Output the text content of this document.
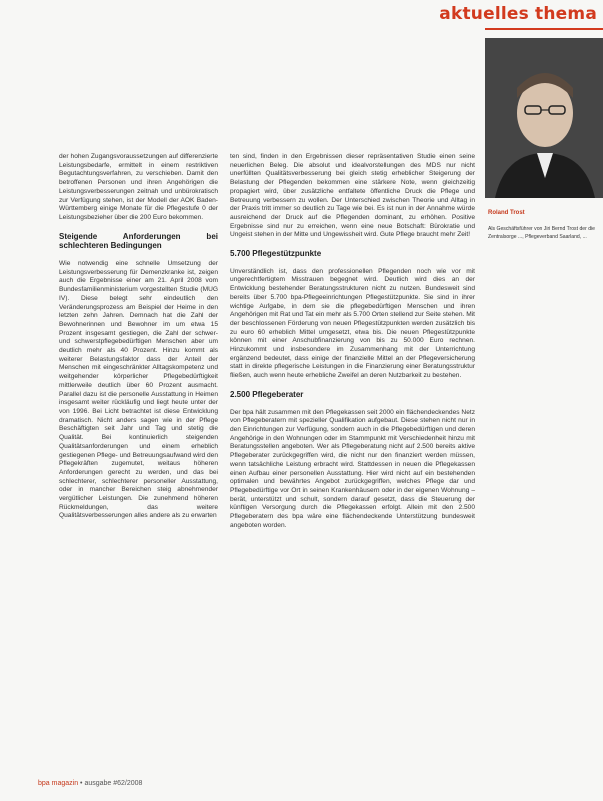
aktuelles thema
Roland Trost
Als Geschäftsführer von Jiri Bernd Trost der die Zentralsorge ..., Pflegeverband Saarland, ...

der hohen Zugangsvoraussetzungen auf differenzierte Leistungsbedarfe, ermittelt in einem restriktiven Begutachtungsverfahren, zu verschieben. Damit den betroffenen Personen und ihren Angehörigen die Leistungsverbesserungen zeitnah und unbürokratisch zur Verfügung stehen, ist der Modell der AOK Baden-Württemberg einige Monate für die Pflegestufe 0 der Leistungsbezieher über die 200 Euro bekommen.

Steigende Anforderungen bei schlechteren Bedingungen

Wie notwendig eine schnelle Umsetzung der Leistungsverbesserung für Demenzkranke ist, zeigen auch die Ergebnisse einer am 21. April 2008 vom Bundesfamilienministerium vorgestellten Studie (MUG IV). Diese belegt sehr eindeutlich den Veränderungsprozess am Beispiel der Heime in den letzten zehn Jahren. Demnach hat die Zahl der Bewohnerinnen und Bewohner im um etwa 15 Prozent insgesamt gestiegen, die Zahl der schwer- und schwerstpflegebedürftigen Menschen aber um deutlich mehr als 40 Prozent. Hinzu kommt als weiterer Belastungsfaktor dass der Anteil der Menschen mit eingeschränkter Alltagskompetenz und weitgehender körperlicher Pflegebedürftigkeit mittlerweile deutlich über 60 Prozent ausmacht. Parallel dazu ist die personelle Ausstattung in Heimen insgesamt weiter rückläufig und liegt heute unter der von 1996. Bei Licht betrachtet ist diese Entwicklung dramatisch. Nicht anders sagen wie in der Pflege Beschäftigten seit Jahr und Tag und stetig die Qualität. Bei kontinuierlich steigenden Qualitätsanforderungen und einem erheblich gestiegenen Pflege- und Betreuungsaufwand wird den Pflegekräften zugemutet, weitaus höheren Anforderungen gerecht zu werden, und das bei schlechterer, schlechterer personeller Ausstattung, oder in mancher Bereichen steig abnehmender vergütlicher Leistungen. Die zunehmend höheren Rückmeldungen, das weitere Qualitätsverbesserungen alles andere als zu erwarten

ten sind, finden in den Ergebnissen dieser repräsentativen Studie einen seine neuerlichen Beleg. Die absolut und idealvorstellungen des MDS nur nicht unerfüllten Qualitätsverbesserung bei gleich stetig erheblicher Steigerung der Belastung der Pflegenden bekommen eine stärkere Note, wenn gleichzeitig propagiert wird, über zusätzliche entfaltete öffentliche Druck die Pflege und Betreuung verbessern zu wollen. Der Unterschied zwischen Theorie und Alltag in der Praxis tritt immer so deutlich zu Tage wie bei. Es ist nun in der Annahme würde ausreichend der Druck auf die Pflegenden dominant, zu erhöhen. Positive Ergebnisse sind nur zu erreichen, wenn eine neue Botschaft: Bürokratie und Ungeist stehen in der Mitte und Ungewissheit wird. Gute Pflege braucht mehr Zeit!

5.700 Pflegestützpunkte

Unverständlich ist, dass den professionellen Pflegenden noch wie vor mit ungerechtfertigtem Misstrauen begegnet wird. Deutlich wird dies an der Entwicklung bestehender Beratungsstrukturen nicht zu nutzen. Bundesweit sind bereits über 5.700 bpa-Pflegeeinrichtungen Pflegestützpunkte. Sie sind in ihrer wichtige Aufgabe, in dem sie die pflegebedürftigen Menschen und ihren Angehörigen mit Rat und Tat ein mehr als 5.700 Orten stellend zur Seite stehen. Mit der beschlossenen Förderung von neuen Pflegestützpunkten werden zusätzlich bis zu euro 60 erheblich Mittel umgesetzt, etwa bis. Die neuen Pflegestützpunkte können mit einer Anschubfinanzierung von bis zu 50.000 Euro rechnen. Hinzukommt und insbesondere im Zusammenhang mit der Unterrichtung ergänzend bedeutet, dass einige der finanzielle Mittel an der Pflegeversicherung statt in direkte pflegerische Leistungen in die Finanzierung einer Beratungsstruktur fließen, auch wenn heute erhebliche Zweifel an deren Nutzbarkeit zu bestehen.

2.500 Pflegeberater

Der bpa hält zusammen mit den Pflegekassen seit 2000 ein flächendeckendes Netz von Pflegeberatern mit spezieller Qualifikation aufgebaut. Diese stehen nicht nur in den Einrichtungen zur Verfügung, sondern auch in die Pflegebedürftigen und deren Angehörige in den Wohnungen oder im Stammpunkt mit Verschiedenheit hinzu mit Beratungsstellen angeboten. Wer als Pflegeberatung nicht auf 2.500 bereits aktive Pflegeberater zurückgegriffen wird, die nicht nur den finanziert werden müssen, wenn tatsächliche Leistung erbracht wird. Stattdessen in neuen die Pflegekassen einen Aufbau einer personellen Ausstattung. Hier wird nicht auf ein bestehenden optimalen und bewährtes Angebot zurückgegriffen, welches Pflege dar und Pflegebedürftige vor Ort in seinen Krankenhäusern oder in der eigenen Wohnung – berät, unterstützt und schult, sondern darauf gesetzt, dass die Steuerung der künftigen Versorgung durch die Pflegekassen erfolgt. Allein mit den 2.500 Pflegeberatern des bpa wäre eine flächendeckende Unterstützung bundesweit angeboten worden.

bpa magazin • ausgabe #62/2008
